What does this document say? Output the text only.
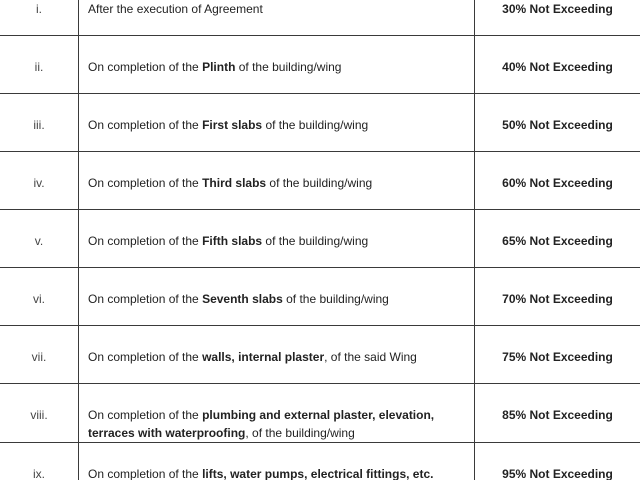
i.	After the execution of Agreement	30% Not Exceeding

ii.	On completion of the Plinth of the building/wing	40% Not Exceeding

iii.	On completion of the First slabs of the building/wing	50% Not Exceeding

iv.	On completion of the Third slabs of the building/wing	60% Not Exceeding

v.	On completion of the Fifth slabs of the building/wing	65% Not Exceeding

vi.	On completion of the Seventh slabs of the building/wing	70% Not Exceeding

vii.	On completion of the walls, internal plaster, of the said Wing	75% Not Exceeding

viii.	On completion of the plumbing and external plaster, elevation, terraces with waterproofing, of the building/wing	85% Not Exceeding

ix.	On completion of the lifts, water pumps, electrical fittings, etc.	95% Not Exceeding
